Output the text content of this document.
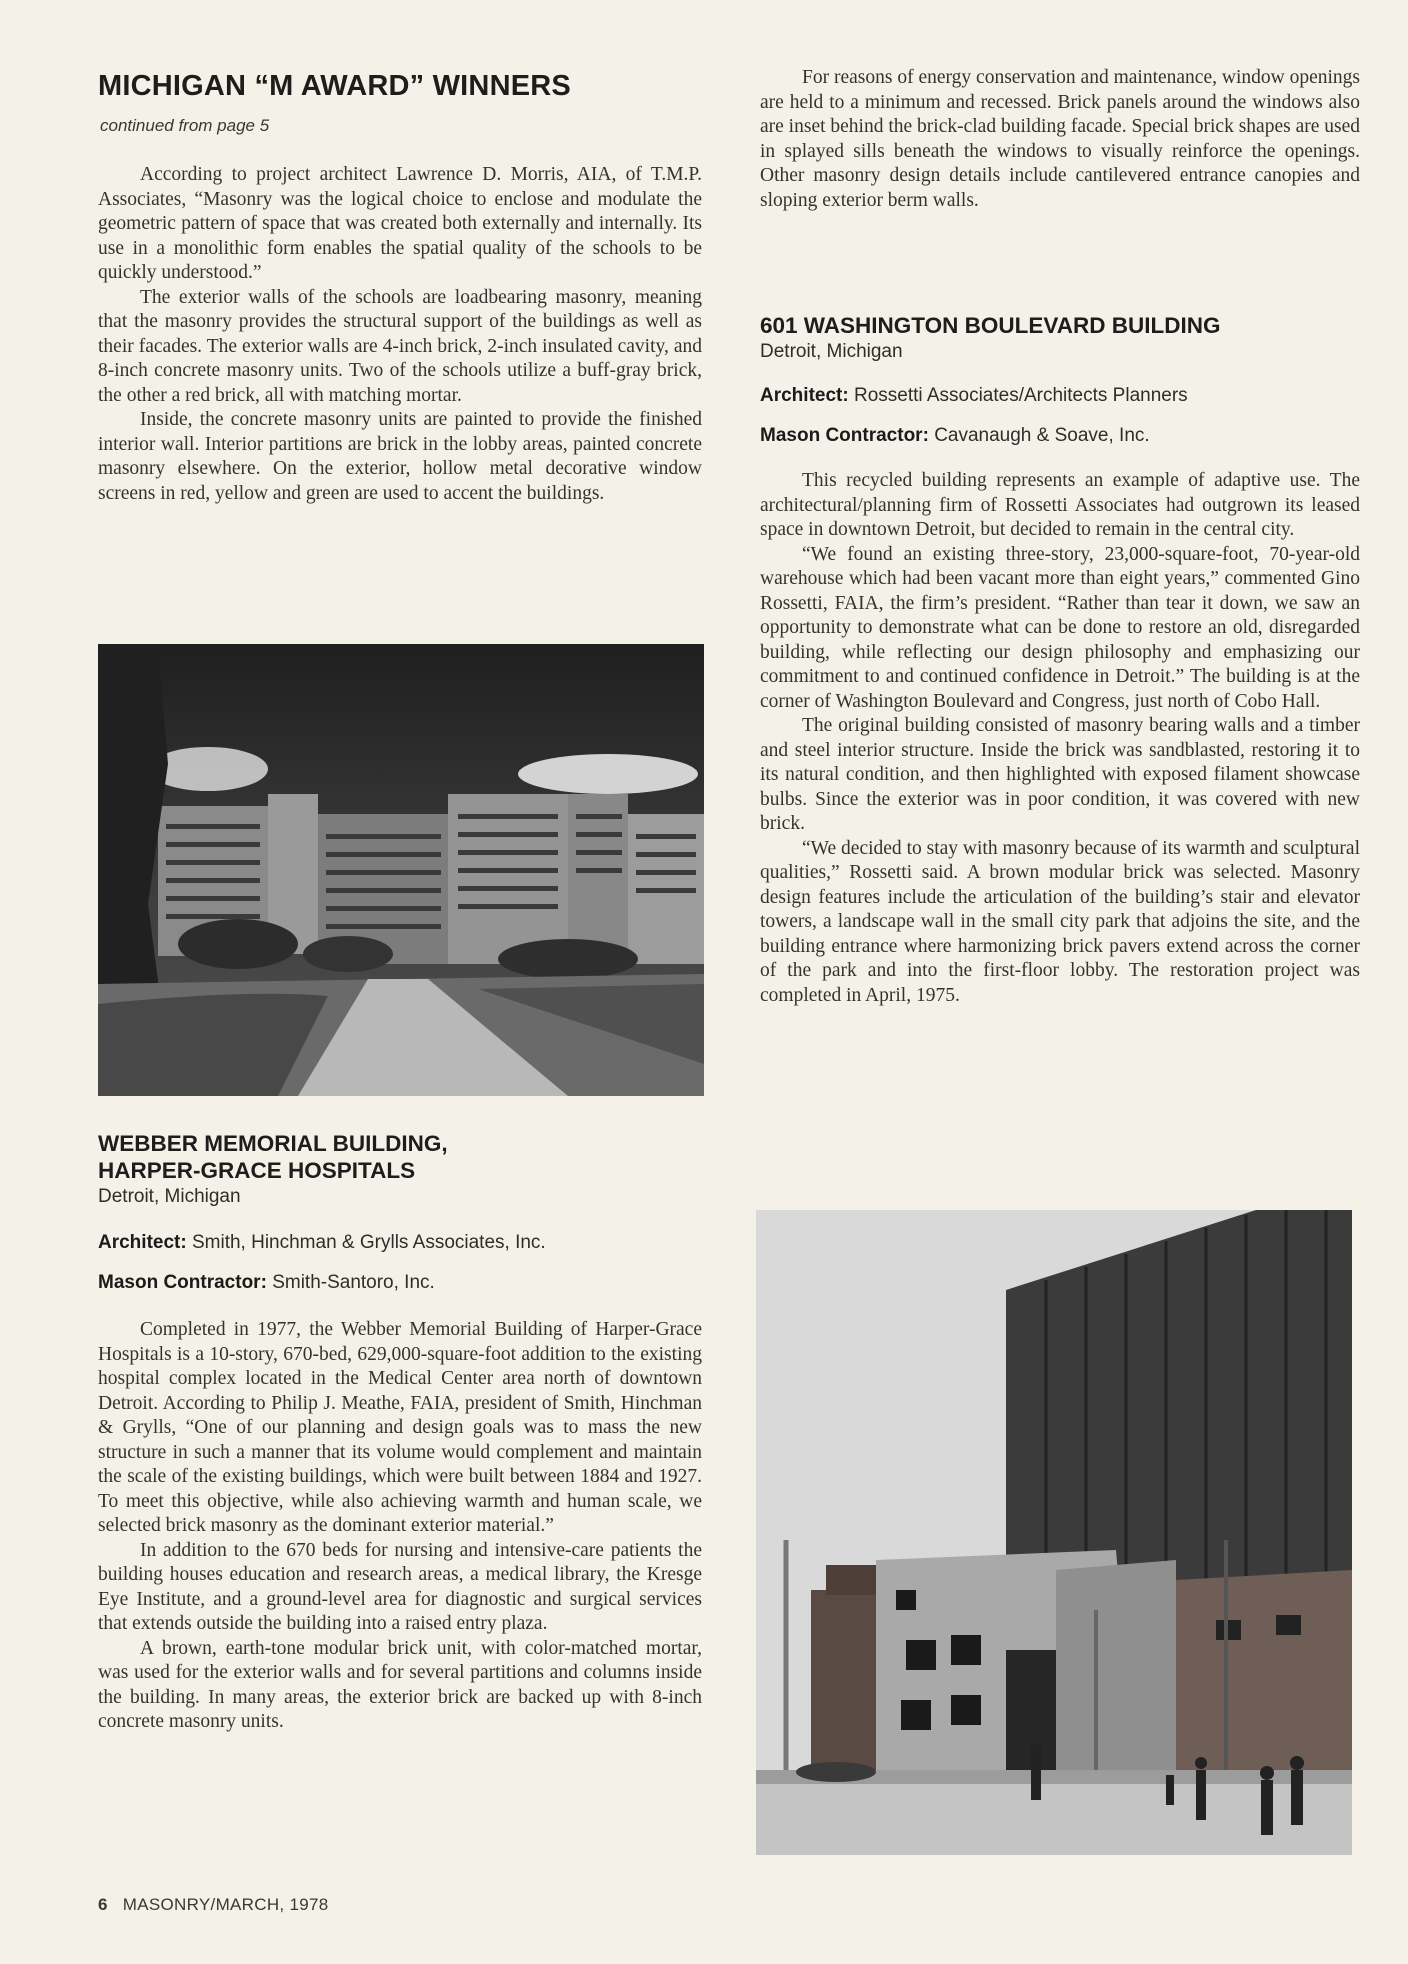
MICHIGAN “M AWARD” WINNERS
continued from page 5

According to project architect Lawrence D. Morris, AIA, of T.M.P. Associates, “Masonry was the logical choice to enclose and modulate the geometric pattern of space that was created both externally and internally. Its use in a monolithic form enables the spatial quality of the schools to be quickly understood.”

The exterior walls of the schools are loadbearing masonry, meaning that the masonry provides the structural support of the buildings as well as their facades. The exterior walls are 4-inch brick, 2-inch insulated cavity, and 8-inch concrete masonry units. Two of the schools utilize a buff-gray brick, the other a red brick, all with matching mortar.

Inside, the concrete masonry units are painted to provide the finished interior wall. Interior partitions are brick in the lobby areas, painted concrete masonry elsewhere. On the exterior, hollow metal decorative window screens in red, yellow and green are used to accent the buildings.

WEBBER MEMORIAL BUILDING,
HARPER-GRACE HOSPITALS
Detroit, Michigan
Architect: Smith, Hinchman & Grylls Associates, Inc.
Mason Contractor: Smith-Santoro, Inc.

Completed in 1977, the Webber Memorial Building of Harper-Grace Hospitals is a 10-story, 670-bed, 629,000-square-foot addition to the existing hospital complex located in the Medical Center area north of downtown Detroit. According to Philip J. Meathe, FAIA, president of Smith, Hinchman & Grylls, “One of our planning and design goals was to mass the new structure in such a manner that its volume would complement and maintain the scale of the existing buildings, which were built between 1884 and 1927. To meet this objective, while also achieving warmth and human scale, we selected brick masonry as the dominant exterior material.”

In addition to the 670 beds for nursing and intensive-care patients the building houses education and research areas, a medical library, the Kresge Eye Institute, and a ground-level area for diagnostic and surgical services that extends outside the building into a raised entry plaza.

A brown, earth-tone modular brick unit, with color-matched mortar, was used for the exterior walls and for several partitions and columns inside the building. In many areas, the exterior brick are backed up with 8-inch concrete masonry units.

For reasons of energy conservation and maintenance, window openings are held to a minimum and recessed. Brick panels around the windows also are inset behind the brick-clad building facade. Special brick shapes are used in splayed sills beneath the windows to visually reinforce the openings. Other masonry design details include cantilevered entrance canopies and sloping exterior berm walls.

601 WASHINGTON BOULEVARD BUILDING
Detroit, Michigan
Architect: Rossetti Associates/Architects Planners
Mason Contractor: Cavanaugh & Soave, Inc.

This recycled building represents an example of adaptive use. The architectural/planning firm of Rossetti Associates had outgrown its leased space in downtown Detroit, but decided to remain in the central city.

“We found an existing three-story, 23,000-square-foot, 70-year-old warehouse which had been vacant more than eight years,” commented Gino Rossetti, FAIA, the firm’s president. “Rather than tear it down, we saw an opportunity to demonstrate what can be done to restore an old, disregarded building, while reflecting our design philosophy and emphasizing our commitment to and continued confidence in Detroit.” The building is at the corner of Washington Boulevard and Congress, just north of Cobo Hall.

The original building consisted of masonry bearing walls and a timber and steel interior structure. Inside the brick was sandblasted, restoring it to its natural condition, and then highlighted with exposed filament showcase bulbs. Since the exterior was in poor condition, it was covered with new brick.

“We decided to stay with masonry because of its warmth and sculptural qualities,” Rossetti said. A brown modular brick was selected. Masonry design features include the articulation of the building’s stair and elevator towers, a landscape wall in the small city park that adjoins the site, and the building entrance where harmonizing brick pavers extend across the corner of the park and into the first-floor lobby. The restoration project was completed in April, 1975.

6 MASONRY/MARCH, 1978
